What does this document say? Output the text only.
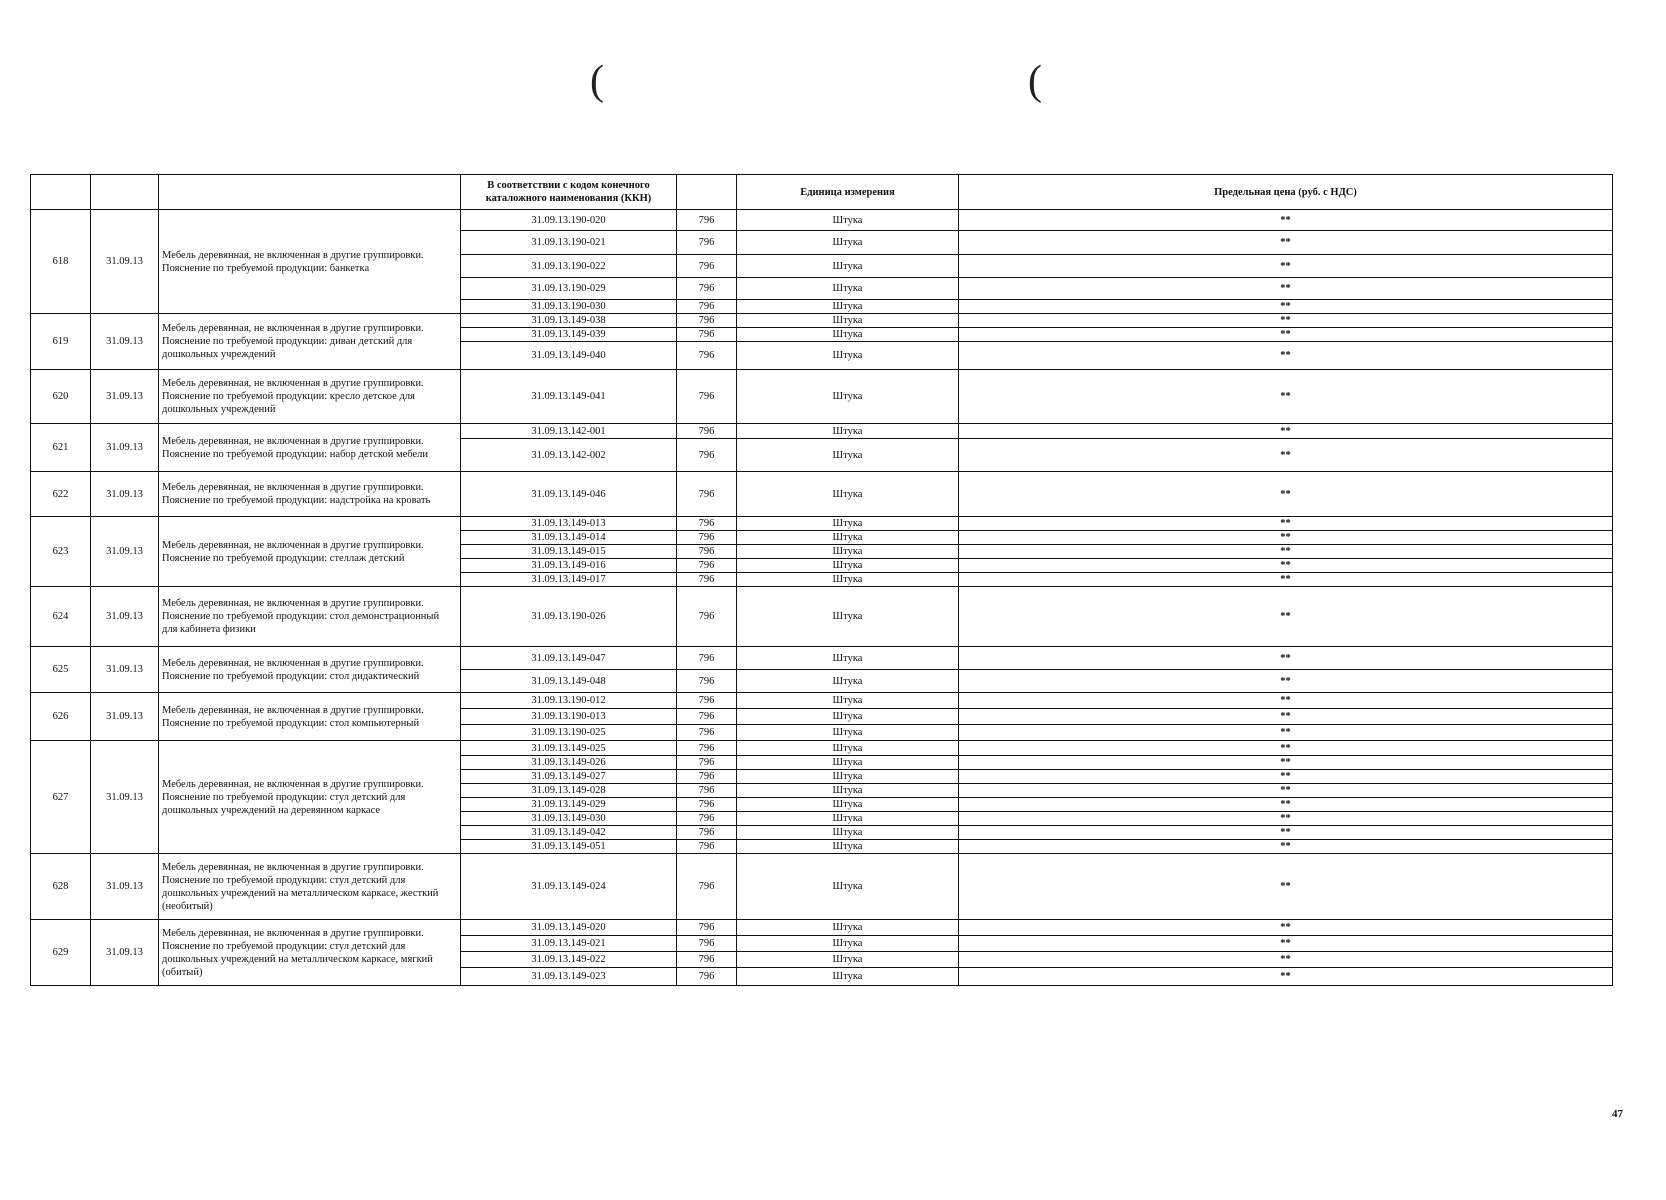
(	(
			В соответствии с кодом конечного каталожного наименования (ККН)		Единица измерения	Предельная цена (руб. с НДС)
618	31.09.13	Мебель деревянная, не включенная в другие группировки. Пояснение по требуемой продукции: банкетка	31.09.13.190-020	796	Штука	**
			31.09.13.190-021	796	Штука	**
			31.09.13.190-022	796	Штука	**
			31.09.13.190-029	796	Штука	**
			31.09.13.190-030	796	Штука	**
619	31.09.13	Мебель деревянная, не включенная в другие группировки. Пояснение по требуемой продукции: диван детский для дошкольных учреждений	31.09.13.149-038	796	Штука	**
			31.09.13.149-039	796	Штука	**
			31.09.13.149-040	796	Штука	**
620	31.09.13	Мебель деревянная, не включенная в другие группировки. Пояснение по требуемой продукции: кресло детское для дошкольных учреждений	31.09.13.149-041	796	Штука	**
621	31.09.13	Мебель деревянная, не включенная в другие группировки. Пояснение по требуемой продукции: набор детской мебели	31.09.13.142-001	796	Штука	**
			31.09.13.142-002	796	Штука	**
622	31.09.13	Мебель деревянная, не включенная в другие группировки. Пояснение по требуемой продукции: надстройка на кровать	31.09.13.149-046	796	Штука	**
623	31.09.13	Мебель деревянная, не включенная в другие группировки. Пояснение по требуемой продукции: стеллаж детский	31.09.13.149-013	796	Штука	**
			31.09.13.149-014	796	Штука	**
			31.09.13.149-015	796	Штука	**
			31.09.13.149-016	796	Штука	**
			31.09.13.149-017	796	Штука	**
624	31.09.13	Мебель деревянная, не включенная в другие группировки. Пояснение по требуемой продукции: стол демонстрационный для кабинета физики	31.09.13.190-026	796	Штука	**
625	31.09.13	Мебель деревянная, не включенная в другие группировки. Пояснение по требуемой продукции: стол дидактический	31.09.13.149-047	796	Штука	**
			31.09.13.149-048	796	Штука	**
626	31.09.13	Мебель деревянная, не включенная в другие группировки. Пояснение по требуемой продукции: стол компьютерный	31.09.13.190-012	796	Штука	**
			31.09.13.190-013	796	Штука	**
			31.09.13.190-025	796	Штука	**
627	31.09.13	Мебель деревянная, не включенная в другие группировки. Пояснение по требуемой продукции: стул детский для дошкольных учреждений на деревянном каркасе	31.09.13.149-025	796	Штука	**
			31.09.13.149-026	796	Штука	**
			31.09.13.149-027	796	Штука	**
			31.09.13.149-028	796	Штука	**
			31.09.13.149-029	796	Штука	**
			31.09.13.149-030	796	Штука	**
			31.09.13.149-042	796	Штука	**
			31.09.13.149-051	796	Штука	**
628	31.09.13	Мебель деревянная, не включенная в другие группировки. Пояснение по требуемой продукции: стул детский для дошкольных учреждений на металлическом каркасе, жесткий (необитый)	31.09.13.149-024	796	Штука	**
629	31.09.13	Мебель деревянная, не включенная в другие группировки. Пояснение по требуемой продукции: стул детский для дошкольных учреждений на металлическом каркасе, мягкий (обитый)	31.09.13.149-020	796	Штука	**
			31.09.13.149-021	796	Штука	**
			31.09.13.149-022	796	Штука	**
			31.09.13.149-023	796	Штука	**
47
